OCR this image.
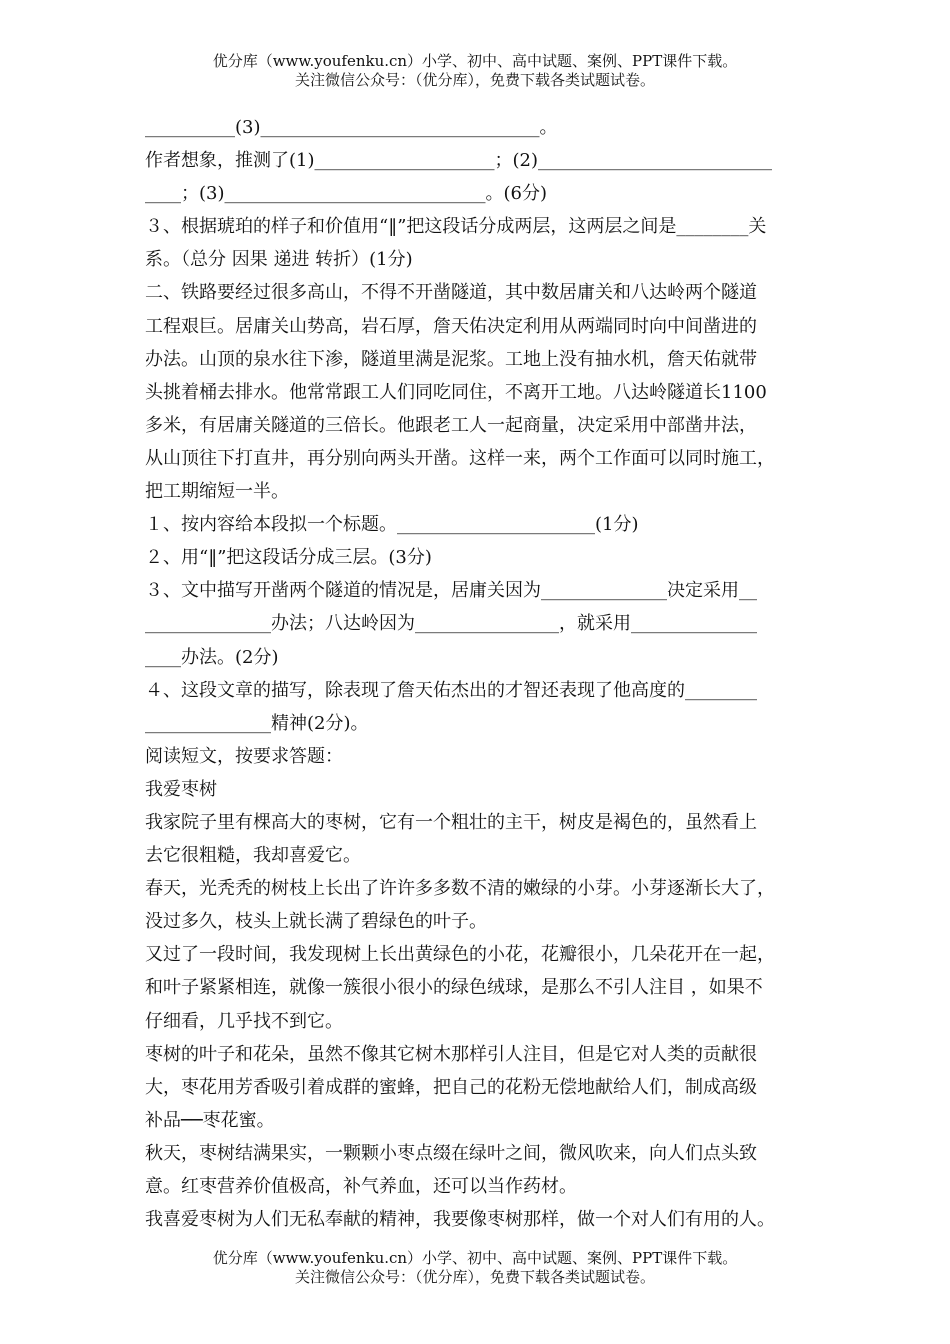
优分库（www.youfenku.cn）小学、初中、高中试题、案例、PPT课件下载。
关注微信公众号：（优分库），免费下载各类试题试卷。
__________(3)_______________________________。
作者想象，推测了(1)____________________；(2)__________________________
____；(3)_____________________________。(6分)
３、根据琥珀的样子和价值用“‖”把这段话分成两层，这两层之间是________关
系。（总分 因果 递进 转折）(1分)
二、铁路要经过很多高山，不得不开凿隧道，其中数居庸关和八达岭两个隧道
工程艰巨。居庸关山势高，岩石厚，詹天佑决定利用从两端同时向中间凿进的
办法。山顶的泉水往下渗，隧道里满是泥浆。工地上没有抽水机，詹天佑就带
头挑着桶去排水。他常常跟工人们同吃同住，不离开工地。八达岭隧道长1100
多米，有居庸关隧道的三倍长。他跟老工人一起商量，决定采用中部凿井法，
从山顶往下打直井，再分别向两头开凿。这样一来，两个工作面可以同时施工，
把工期缩短一半。
１、按内容给本段拟一个标题。______________________(1分)
２、用“‖”把这段话分成三层。(3分)
３、文中描写开凿两个隧道的情况是，居庸关因为______________决定采用__
______________办法；八达岭因为________________，就采用______________
____办法。(2分)
４、这段文章的描写，除表现了詹天佑杰出的才智还表现了他高度的________
______________精神(2分)。
阅读短文，按要求答题：
我爱枣树
我家院子里有棵高大的枣树，它有一个粗壮的主干，树皮是褐色的，虽然看上
去它很粗糙，我却喜爱它。
春天，光秃秃的树枝上长出了许许多多数不清的嫩绿的小芽。小芽逐渐长大了，
没过多久，枝头上就长满了碧绿色的叶子。
又过了一段时间，我发现树上长出黄绿色的小花，花瓣很小，几朵花开在一起，
和叶子紧紧相连，就像一簇很小很小的绿色绒球，是那么不引人注目 ，如果不
仔细看，几乎找不到它。
枣树的叶子和花朵，虽然不像其它树木那样引人注目，但是它对人类的贡献很
大，枣花用芳香吸引着成群的蜜蜂，把自己的花粉无偿地献给人们，制成高级
补品──枣花蜜。
秋天，枣树结满果实，一颗颗小枣点缀在绿叶之间，微风吹来，向人们点头致
意。红枣营养价值极高，补气养血，还可以当作药材。
我喜爱枣树为人们无私奉献的精神，我要像枣树那样，做一个对人们有用的人。
优分库（www.youfenku.cn）小学、初中、高中试题、案例、PPT课件下载。
关注微信公众号：（优分库），免费下载各类试题试卷。
